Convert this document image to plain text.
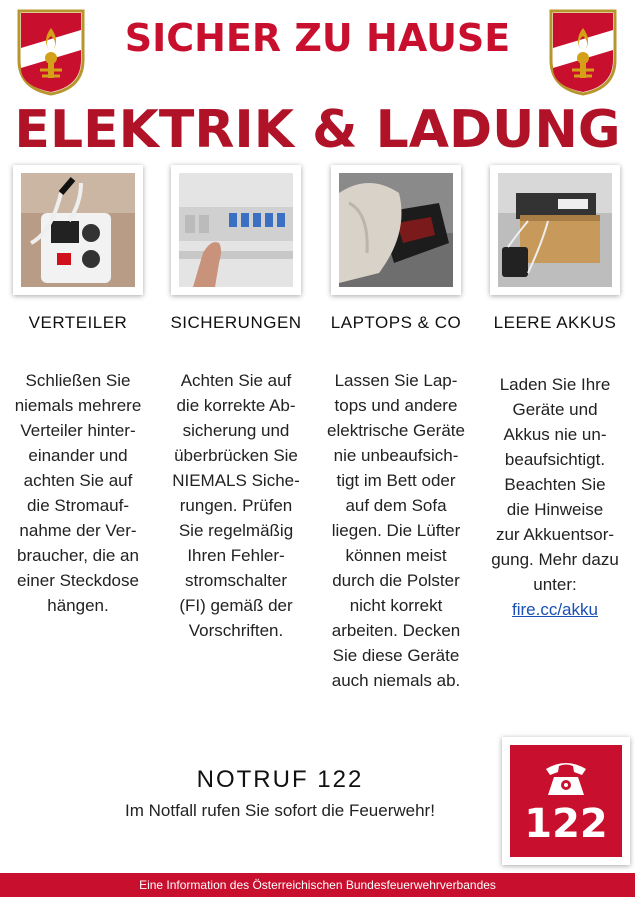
SICHER ZU HAUSE
ELEKTRIK & LADUNG
VERTEILER	SICHERUNGEN	LAPTOPS & CO	LEERE AKKUS
Schließen Sie
niemals mehrere
Verteiler hinter-
einander und
achten Sie auf
die Stromauf-
nahme der Ver-
braucher, die an
einer Steckdose
hängen.
Achten Sie auf
die korrekte Ab-
sicherung und
überbrücken Sie
NIEMALS Siche-
rungen. Prüfen
Sie regelmäßig
Ihren Fehler-
stromschalter
(FI) gemäß der
Vorschriften.
Lassen Sie Lap-
tops und andere
elektrische Geräte
nie unbeaufsich-
tigt im Bett oder
auf dem Sofa
liegen. Die Lüfter
können meist
durch die Polster
nicht korrekt
arbeiten. Decken
Sie diese Geräte
auch niemals ab.
Laden Sie Ihre
Geräte und
Akkus nie un-
beaufsichtigt.
Beachten Sie
die Hinweise
zur Akkuentsor-
gung. Mehr dazu
unter:
fire.cc/akku
NOTRUF 122
Im Notfall rufen Sie sofort die Feuerwehr!	122
Eine Information des Österreichischen Bundesfeuerwehrverbandes
